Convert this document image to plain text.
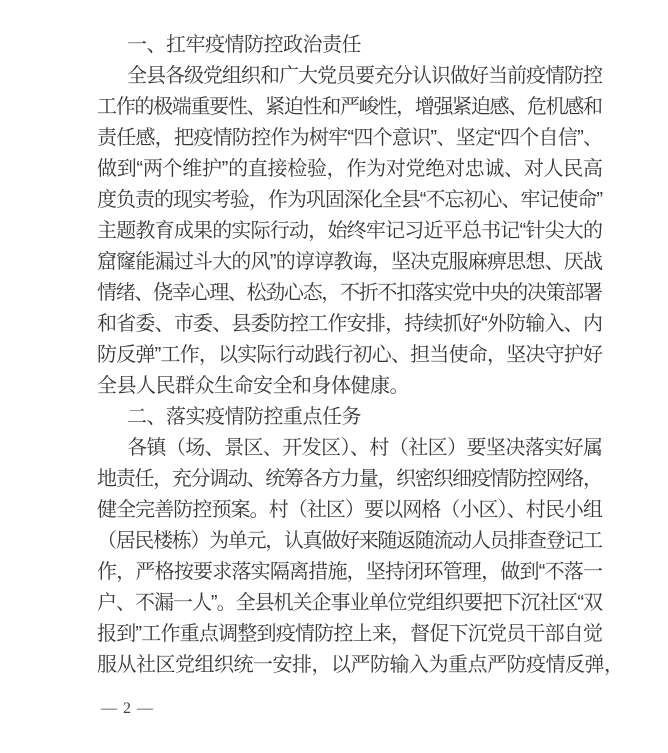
一、扛牢疫情防控政治责任
全县各级党组织和广大党员要充分认识做好当前疫情防控
工作的极端重要性、紧迫性和严峻性，增强紧迫感、危机感和
责任感，把疫情防控作为树牢“四个意识”、坚定“四个自信”、
做到“两个维护”的直接检验，作为对党绝对忠诚、对人民高
度负责的现实考验，作为巩固深化全县“不忘初心、牢记使命”
主题教育成果的实际行动，始终牢记习近平总书记“针尖大的
窟窿能漏过斗大的风”的谆谆教诲，坚决克服麻痹思想、厌战
情绪、侥幸心理、松劲心态，不折不扣落实党中央的决策部署
和省委、市委、县委防控工作安排，持续抓好“外防输入、内
防反弹”工作，以实际行动践行初心、担当使命，坚决守护好
全县人民群众生命安全和身体健康。
二、落实疫情防控重点任务
各镇（场、景区、开发区）、村（社区）要坚决落实好属
地责任，充分调动、统筹各方力量，织密织细疫情防控网络，
健全完善防控预案。村（社区）要以网格（小区）、村民小组
（居民楼栋）为单元，认真做好来随返随流动人员排查登记工
作，严格按要求落实隔离措施，坚持闭环管理，做到“不落一
户、不漏一人”。全县机关企事业单位党组织要把下沉社区“双
报到”工作重点调整到疫情防控上来，督促下沉党员干部自觉
服从社区党组织统一安排，以严防输入为重点严防疫情反弹，
— 2 —
